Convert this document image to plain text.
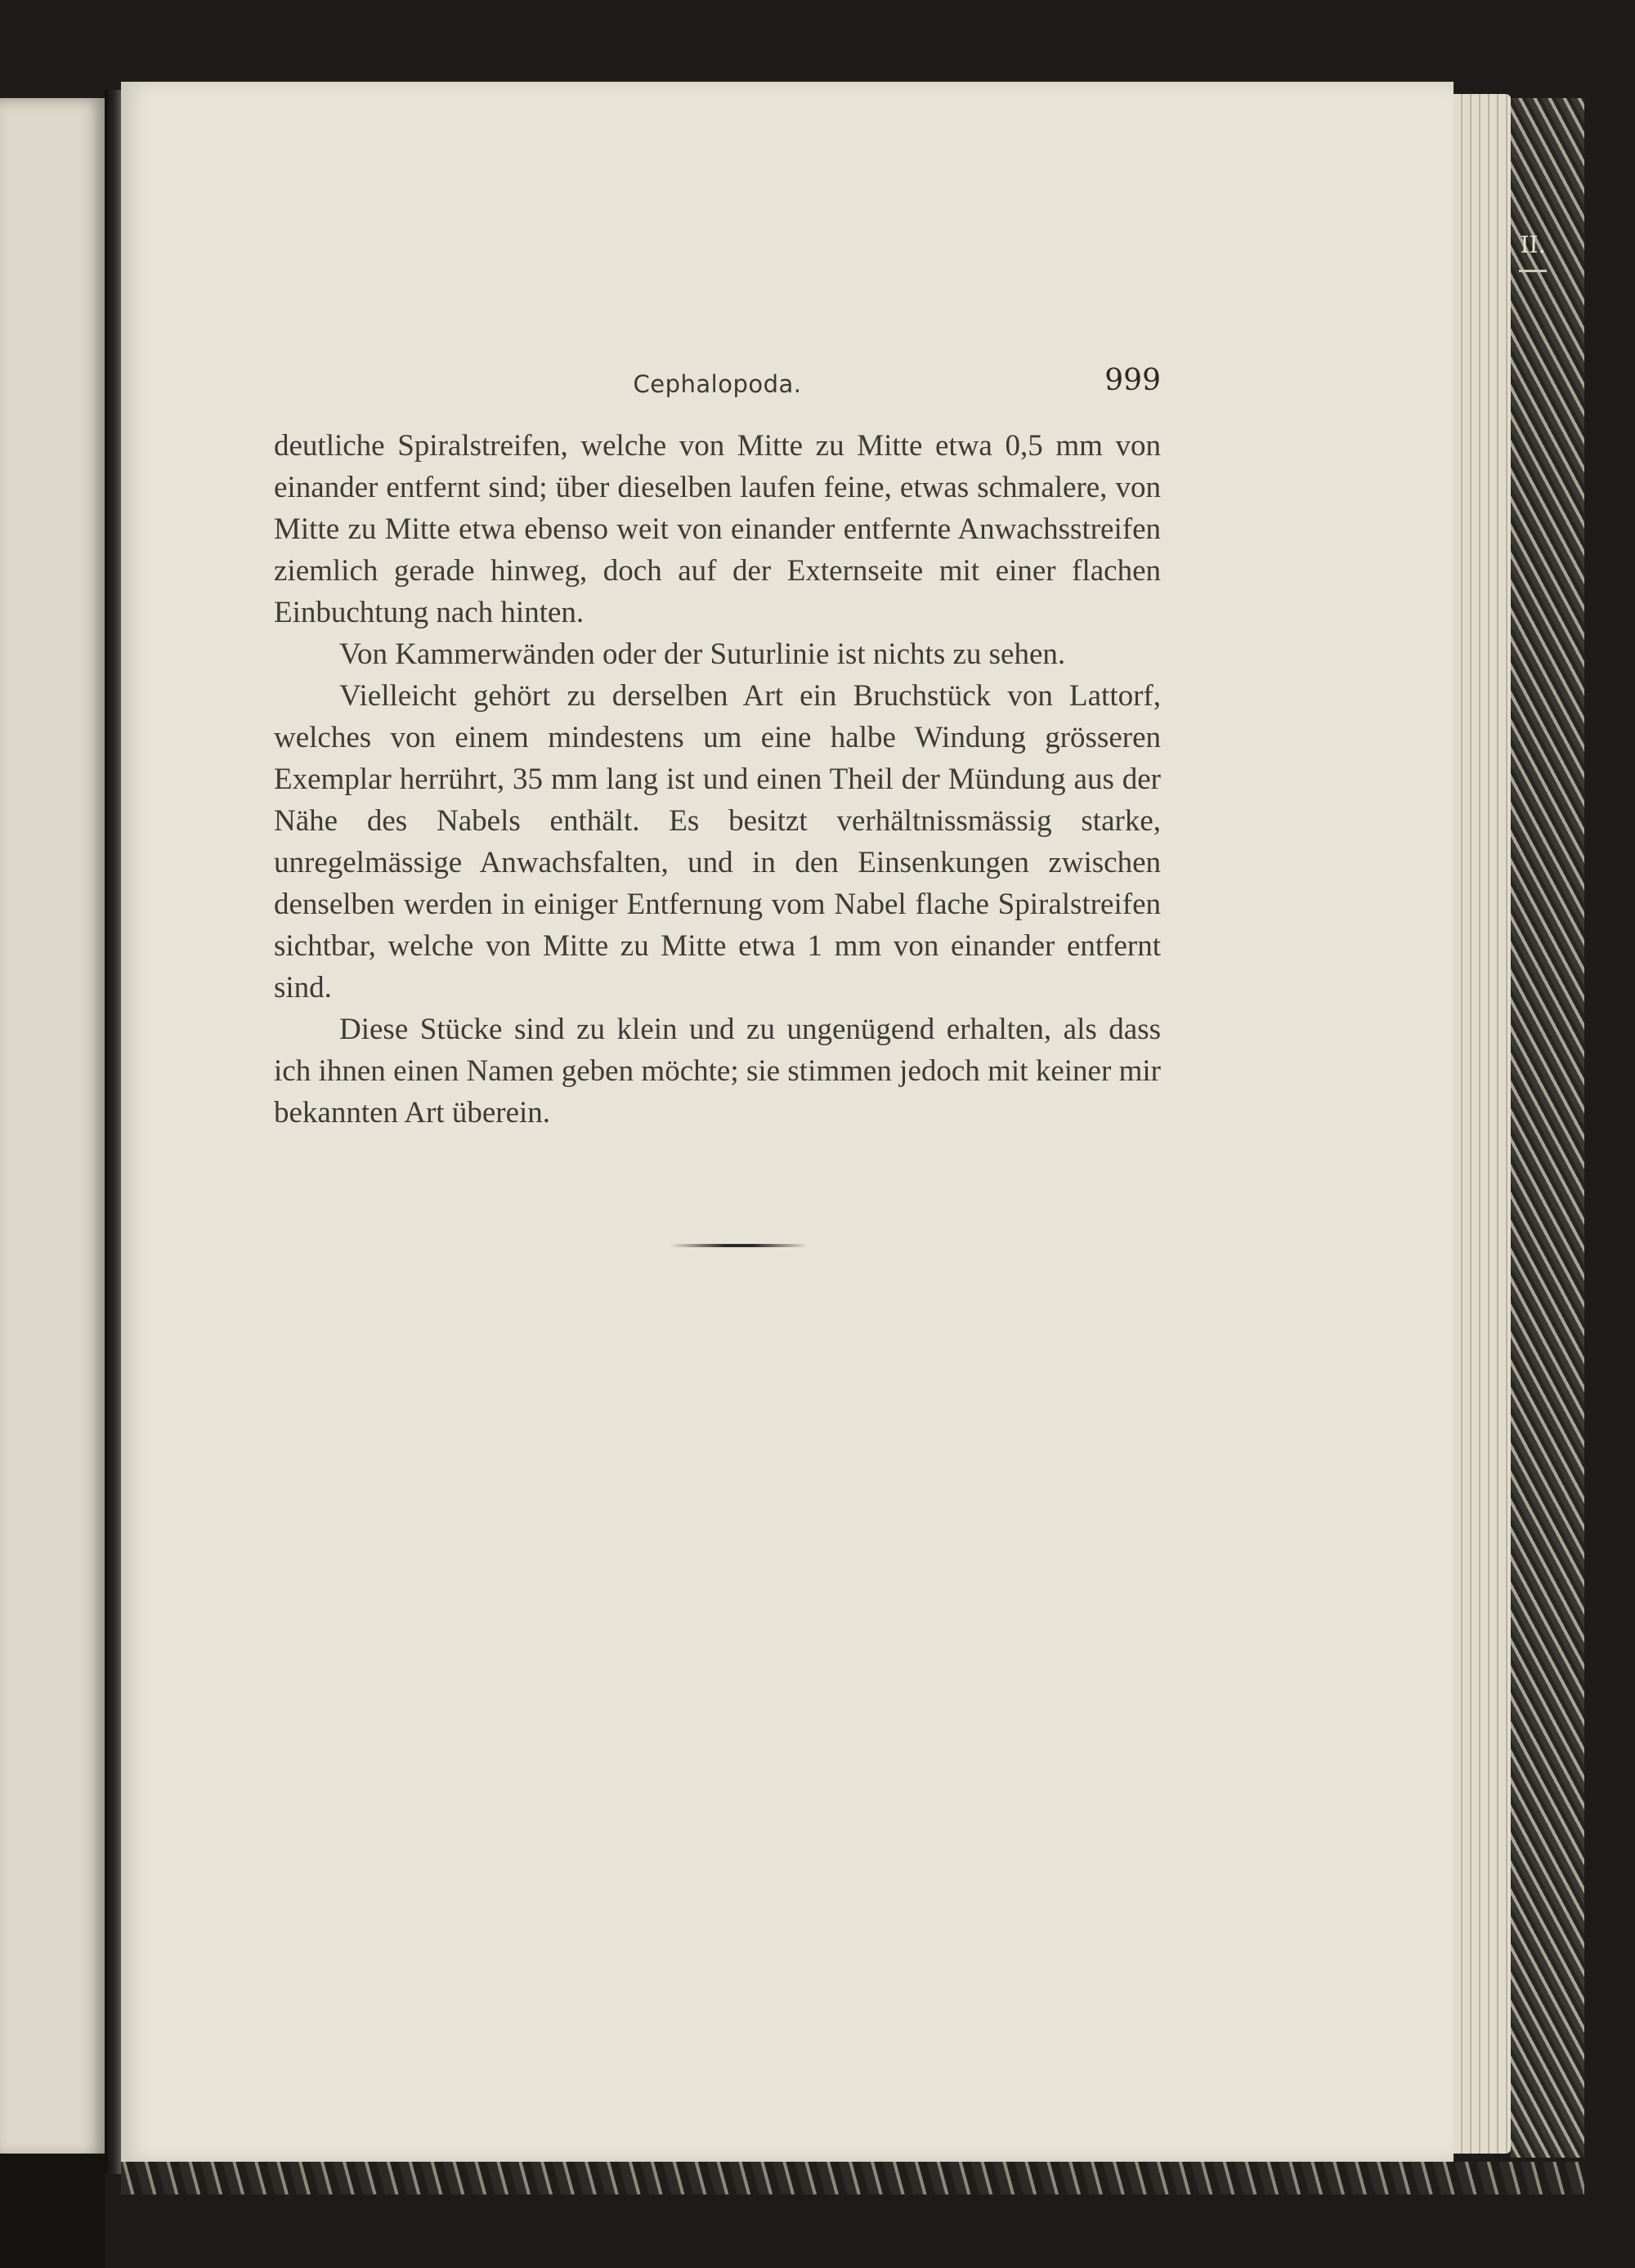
II.
Cephalopoda.	999

deutliche Spiralstreifen, welche von Mitte zu Mitte etwa 0,5 mm von einander entfernt sind; über dieselben laufen feine, etwas schmalere, von Mitte zu Mitte etwa ebenso weit von einander entfernte Anwachsstreifen ziemlich gerade hinweg, doch auf der Externseite mit einer flachen Einbuchtung nach hinten.

Von Kammerwänden oder der Suturlinie ist nichts zu sehen.

Vielleicht gehört zu derselben Art ein Bruchstück von Lattorf, welches von einem mindestens um eine halbe Windung grösseren Exemplar herrührt, 35 mm lang ist und einen Theil der Mündung aus der Nähe des Nabels enthält. Es besitzt verhältnissmässig starke, unregelmässige Anwachsfalten, und in den Einsenkungen zwischen denselben werden in einiger Entfernung vom Nabel flache Spiralstreifen sichtbar, welche von Mitte zu Mitte etwa 1 mm von einander entfernt sind.

Diese Stücke sind zu klein und zu ungenügend erhalten, als dass ich ihnen einen Namen geben möchte; sie stimmen jedoch mit keiner mir bekannten Art überein.
